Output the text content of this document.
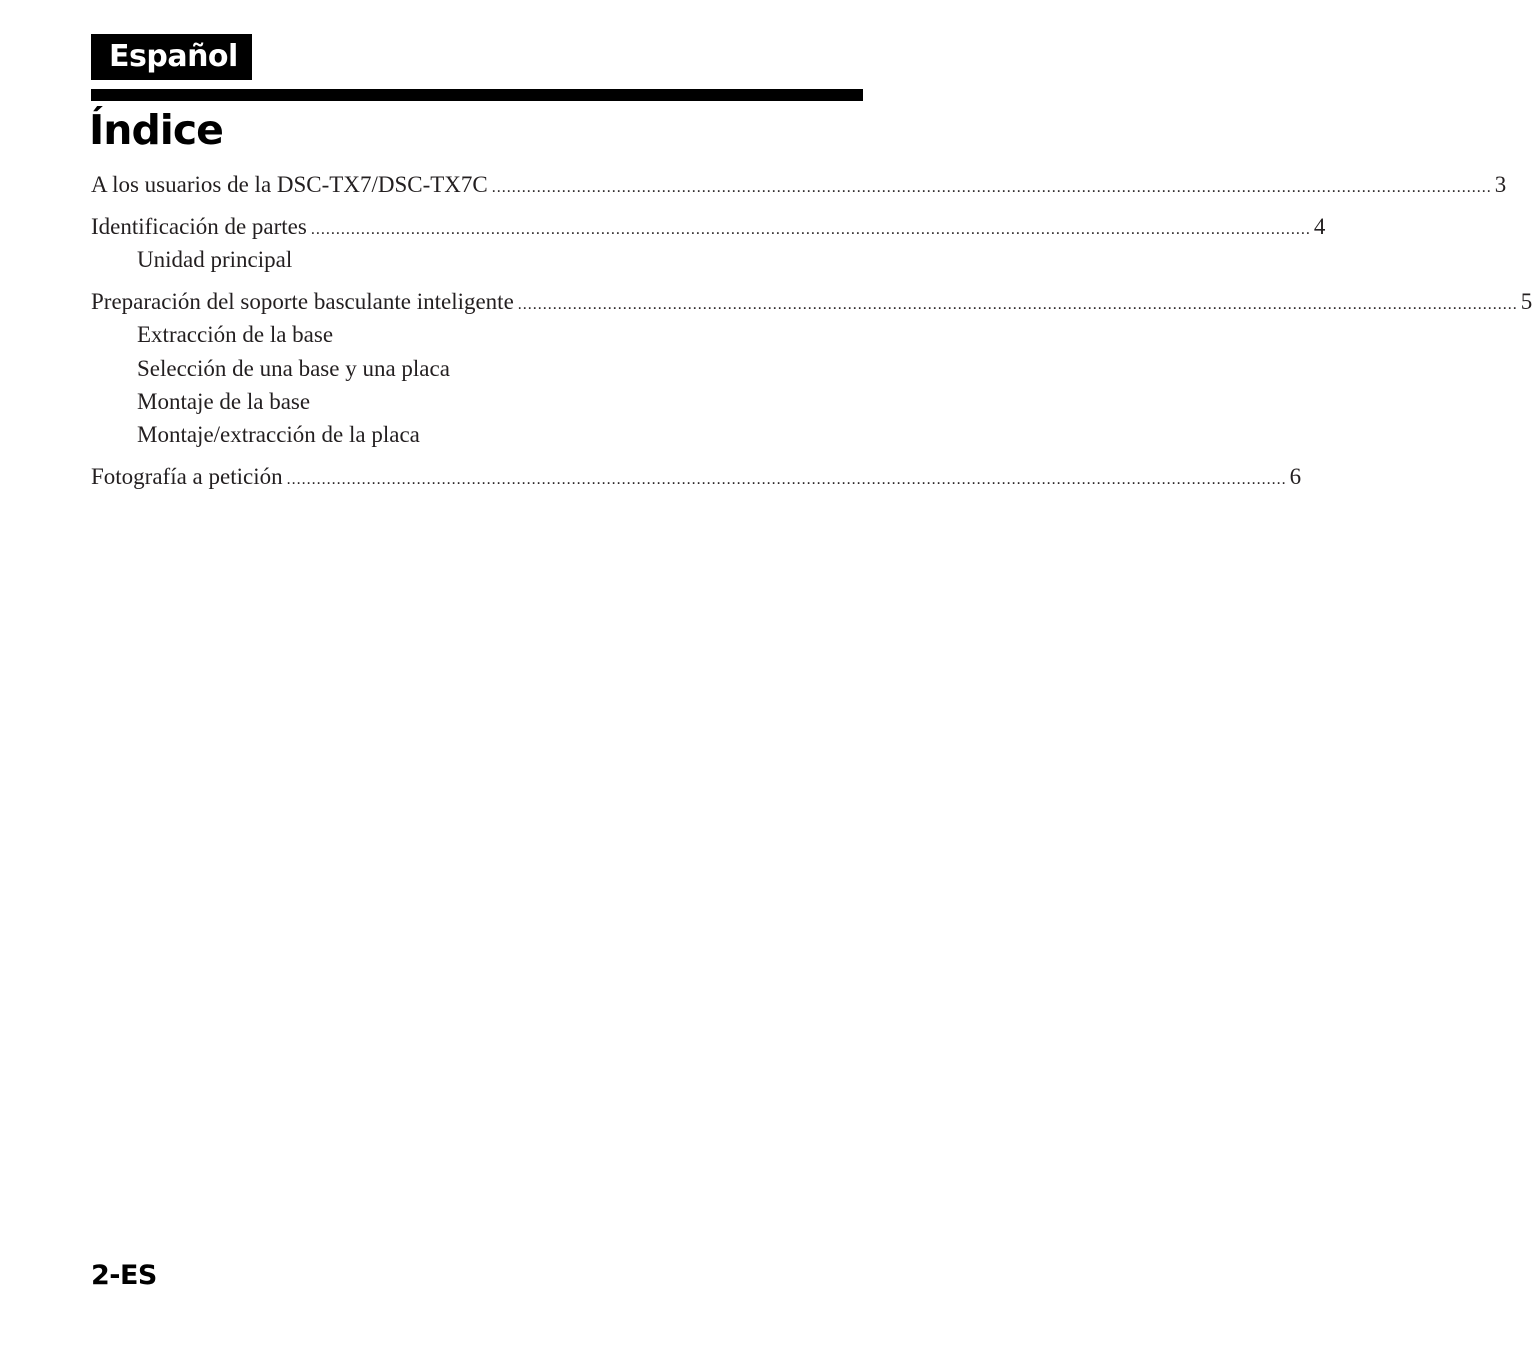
Español
Índice
A los usuarios de la DSC-TX7/DSC-TX7C ........................................................................................................................................................................................................ 3
Identificación de partes ........................................................................................................................................................................................................ 4
Unidad principal
Preparación del soporte basculante inteligente ........................................................................................................................................................................................................ 5
Extracción de la base
Selección de una base y una placa
Montaje de la base
Montaje/extracción de la placa
Fotografía a petición ........................................................................................................................................................................................................ 6
2-ES
